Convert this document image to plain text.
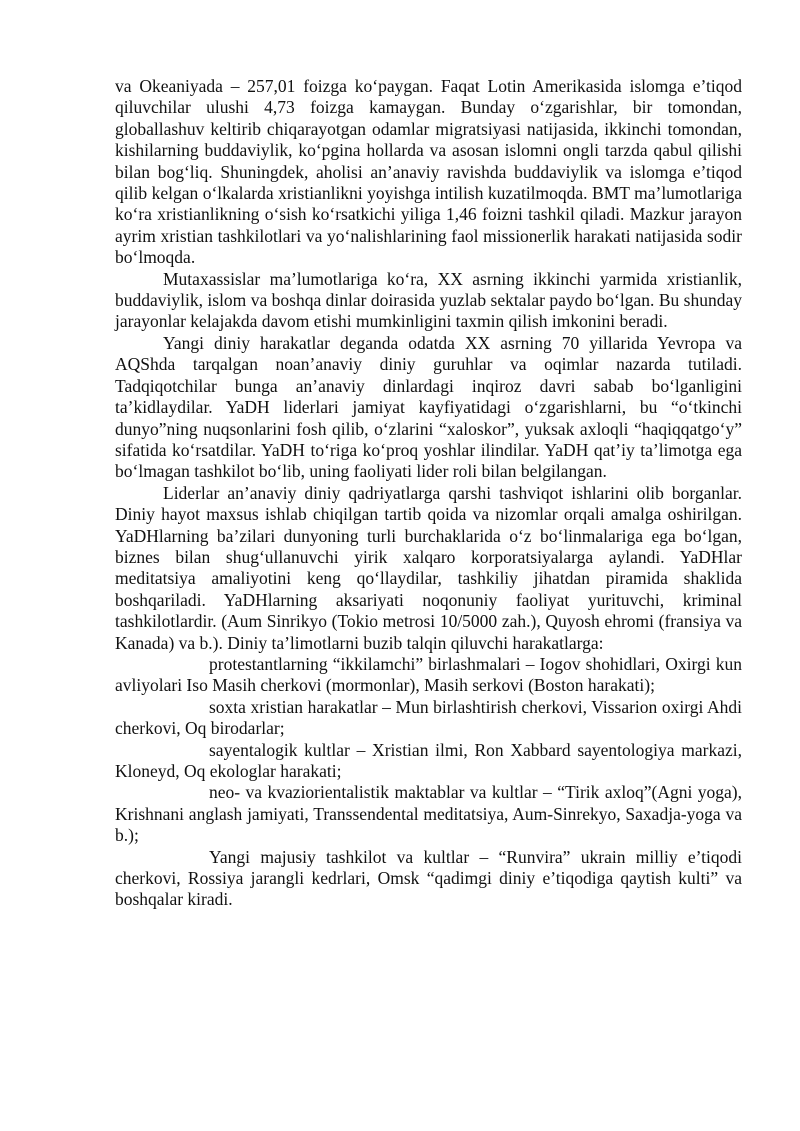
va Okeaniyada – 257,01 foizga ko‘paygan. Faqat Lotin Amerikasida islomga e’tiqod qiluvchilar ulushi 4,73 foizga kamaygan. Bunday o‘zgarishlar, bir tomondan, globallashuv keltirib chiqarayotgan odamlar migratsiyasi natijasida, ikkinchi tomondan, kishilarning buddaviylik, ko‘pgina hollarda va asosan islomni ongli tarzda qabul qilishi bilan bog‘liq. Shuningdek, aholisi an’anaviy ravishda buddaviylik va islomga e’tiqod qilib kelgan o‘lkalarda xristianlikni yoyishga intilish kuzatilmoqda. BMT ma’lumotlariga ko‘ra xristianlikning o‘sish ko‘rsatkichi yiliga 1,46 foizni tashkil qiladi. Mazkur jarayon ayrim xristian tashkilotlari va yo‘nalishlarining faol missionerlik harakati natijasida sodir bo‘lmoqda.

Mutaxassislar ma’lumotlariga ko‘ra, XX asrning ikkinchi yarmida xristianlik, buddaviylik, islom va boshqa dinlar doirasida yuzlab sektalar paydo bo‘lgan. Bu shunday jarayonlar kelajakda davom etishi mumkinligini taxmin qilish imkonini beradi.

Yangi diniy harakatlar deganda odatda XX asrning 70 yillarida Yevropa va AQShda tarqalgan noan’anaviy diniy guruhlar va oqimlar nazarda tutiladi. Tadqiqotchilar bunga an’anaviy dinlardagi inqiroz davri sabab bo‘lganligini ta’kidlaydilar. YaDH liderlari jamiyat kayfiyatidagi o‘zgarishlarni, bu “o‘tkinchi dunyo”ning nuqsonlarini fosh qilib, o‘zlarini “xaloskor”, yuksak axloqli “haqiqqatgo‘y” sifatida ko‘rsatdilar. YaDH to‘riga ko‘proq yoshlar ilindilar. YaDH qat’iy ta’limotga ega bo‘lmagan tashkilot bo‘lib, uning faoliyati lider roli bilan belgilangan.

Liderlar an’anaviy diniy qadriyatlarga qarshi tashviqot ishlarini olib borganlar. Diniy hayot maxsus ishlab chiqilgan tartib qoida va nizomlar orqali amalga oshirilgan. YaDHlarning ba’zilari dunyoning turli burchaklarida o‘z bo‘linmalariga ega bo‘lgan, biznes bilan shug‘ullanuvchi yirik xalqaro korporatsiyalarga aylandi. YaDHlar meditatsiya amaliyotini keng qo‘llaydilar, tashkiliy jihatdan piramida shaklida boshqariladi. YaDHlarning aksariyati noqonuniy faoliyat yurituvchi, kriminal tashkilotlardir. (Aum Sinrikyo (Tokio metrosi 10/5000 zah.), Quyosh ehromi (fransiya va Kanada) va b.). Diniy ta’limotlarni buzib talqin qiluvchi harakatlarga:

protestantlarning “ikkilamchi” birlashmalari – Iogov shohidlari, Oxirgi kun avliyolari Iso Masih cherkovi (mormonlar), Masih serkovi (Boston harakati);

soxta xristian harakatlar – Mun birlashtirish cherkovi, Vissarion oxirgi Ahdi cherkovi, Oq birodarlar;

sayentalogik kultlar – Xristian ilmi, Ron Xabbard sayentologiya markazi, Kloneyd, Oq ekologlar harakati;

neo- va kvaziorientalistik maktablar va kultlar – “Tirik axloq”(Agni yoga), Krishnani anglash jamiyati, Transsendental meditatsiya, Aum-Sinrekyo, Saxadja-yoga va b.);

Yangi majusiy tashkilot va kultlar – “Runvira” ukrain milliy e’tiqodi cherkovi, Rossiya jarangli kedrlari, Omsk “qadimgi diniy e’tiqodiga qaytish kulti” va boshqalar kiradi.
